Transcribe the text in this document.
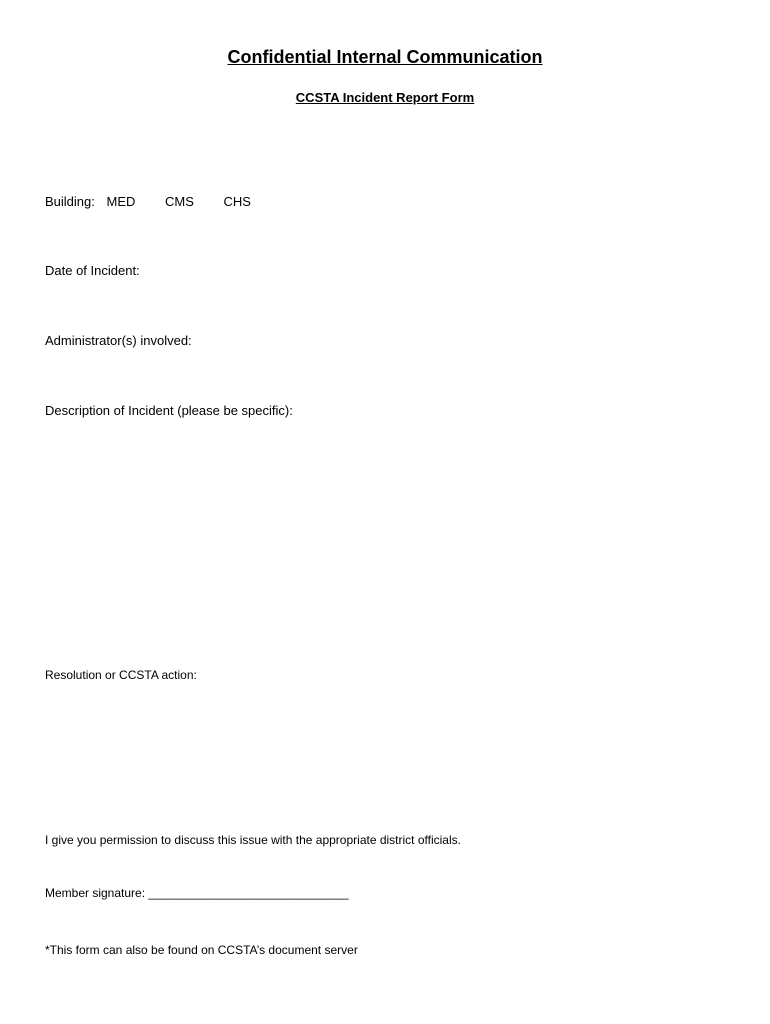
Confidential Internal Communication
CCSTA Incident Report Form
Building: MED CMS CHS
Date of Incident:
Administrator(s) involved:
Description of Incident (please be specific):
Resolution or CCSTA action:
I give you permission to discuss this issue with the appropriate district officials.
Member signature: ______________________________
*This form can also be found on CCSTA’s document server
